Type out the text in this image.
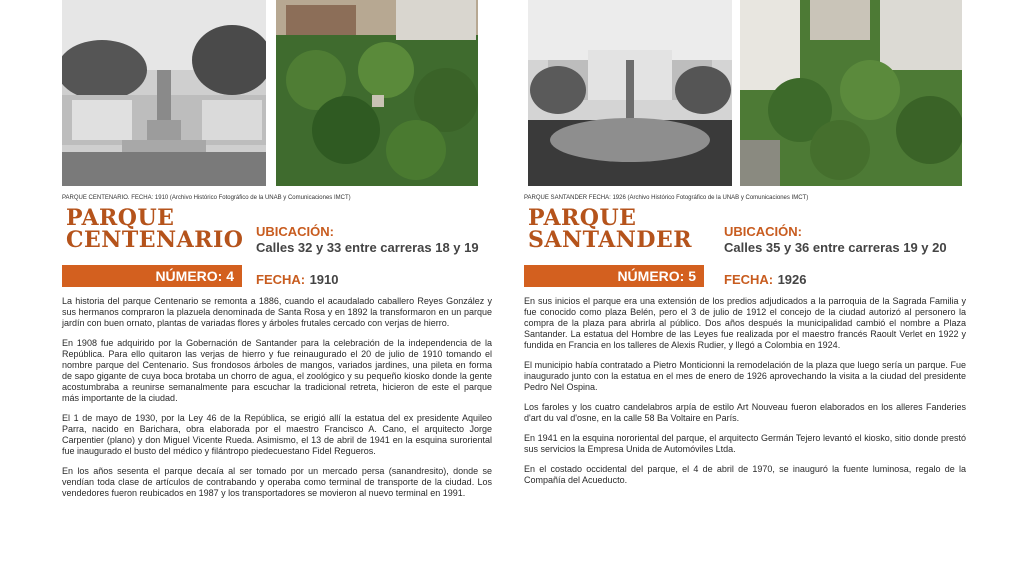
PARQUE CENTENARIO. FECHA: 1910 (Archivo Histórico Fotográfico de la UNAB y Comunicaciones IMCT)
PARQUE
CENTENARIO
NÚMERO: 4
UBICACIÓN:
Calles 32 y 33 entre carreras 18 y 19
FECHA: 1910

La historia del parque Centenario se remonta a 1886, cuando el acaudalado caballero Reyes González y sus hermanos compraron la plazuela denominada de Santa Rosa y en 1892 la transformaron en un parque jardín con buen ornato, plantas de variadas flores y árboles frutales cercado con verjas de hierro.

En 1908 fue adquirido por la Gobernación de Santander para la celebración de la independencia de la República. Para ello quitaron las verjas de hierro y fue reinaugurado el 20 de julio de 1910 tomando el nombre parque del Centenario. Sus frondosos árboles de mangos, variados jardines, una pileta en forma de sapo gigante de cuya boca brotaba un chorro de agua, el zoológico y su pequeño kiosko donde la gente acostumbraba a reunirse semanalmente para escuchar la tradicional retreta, hicieron de este el parque más importante de la ciudad.

El 1 de mayo de 1930, por la Ley 46 de la República, se erigió allí la estatua del ex presidente Aquileo Parra, nacido en Barichara, obra elaborada por el maestro Francisco A. Cano, el arquitecto Jorge Carpentier (plano) y don Miguel Vicente Rueda. Asimismo, el 13 de abril de 1941 en la esquina suroriental fue inaugurado el busto del médico y filántropo piedecuestano Fidel Regueros.

En los años sesenta el parque decaía al ser tomado por un mercado persa (sanandresito), donde se vendían toda clase de artículos de contrabando y operaba como terminal de transporte de la ciudad. Los vendedores fueron reubicados en 1987 y los transportadores se movieron al nuevo terminal en 1991.

PARQUE SANTANDER FECHA: 1926 (Archivo Histórico Fotográfico de la UNAB y Comunicaciones IMCT)
PARQUE
SANTANDER
NÚMERO: 5
UBICACIÓN:
Calles 35 y 36 entre carreras 19 y 20
FECHA: 1926

En sus inicios el parque era una extensión de los predios adjudicados a la parroquia de la Sagrada Familia y fue conocido como plaza Belén, pero el 3 de julio de 1912 el concejo de la ciudad autorizó al personero la compra de la plaza para abrirla al público. Dos años después la municipalidad cambió el nombre a Plaza Santander. La estatua del Hombre de las Leyes fue realizada por el maestro francés Raoult Verlet en 1922 y fundida en Francia en los talleres de Alexis Rudier, y llegó a Colombia en 1924.

El municipio había contratado a Pietro Monticionni la remodelación de la plaza que luego sería un parque. Fue inaugurado junto con la estatua en el mes de enero de 1926 aprovechando la visita a la ciudad del presidente Pedro Nel Ospina.

Los faroles y los cuatro candelabros arpía de estilo Art Nouveau fueron elaborados en los alleres Fanderies d'art du val d'osne, en la calle 58 Ba Voltaire en París.

En 1941 en la esquina nororiental del parque, el arquitecto Germán Tejero levantó el kiosko, sitio donde prestó sus servicios la Empresa Unida de Automóviles Ltda.

En el costado occidental del parque, el 4 de abril de 1970, se inauguró la fuente luminosa, regalo de la Compañía del Acueducto.
